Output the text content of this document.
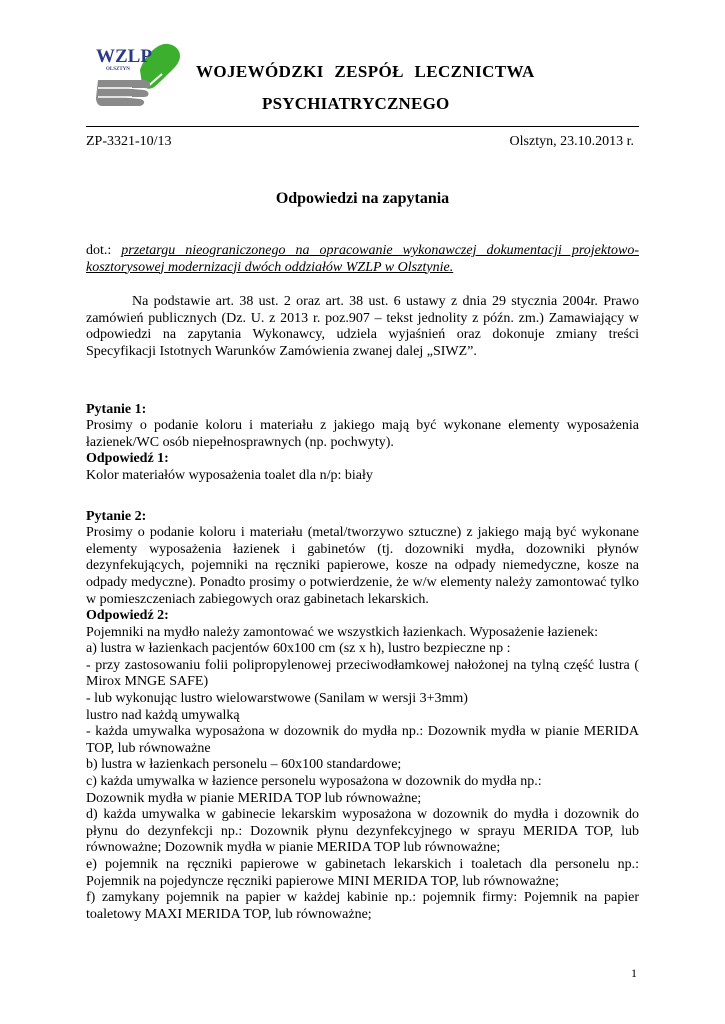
WZLP
OLSZTYN	WOJEWÓDZKI ZESPÓŁ LECZNICTWA
PSYCHIATRYCZNEGO
ZP-3321-10/13	Olsztyn, 23.10.2013 r.
Odpowiedzi na zapytania

dot.: przetargu nieograniczonego na opracowanie wykonawczej dokumentacji projektowo-kosztorysowej modernizacji dwóch oddziałów WZLP w Olsztynie.

Na podstawie art. 38 ust. 2 oraz art. 38 ust. 6 ustawy z dnia 29 stycznia 2004r. Prawo zamówień publicznych (Dz. U. z 2013 r. poz.907 – tekst jednolity z późn. zm.) Zamawiający w odpowiedzi na zapytania Wykonawcy, udziela wyjaśnień oraz dokonuje zmiany treści Specyfikacji Istotnych Warunków Zamówienia zwanej dalej „SIWZ”.

Pytanie 1:

Prosimy o podanie koloru i materiału z jakiego mają być wykonane elementy wyposażenia łazienek/WC osób niepełnosprawnych (np. pochwyty).

Odpowiedź 1:

Kolor materiałów wyposażenia toalet dla n/p: biały

Pytanie 2:

Prosimy o podanie koloru i materiału (metal/tworzywo sztuczne) z jakiego mają być wykonane elementy wyposażenia łazienek i gabinetów (tj. dozowniki mydła, dozowniki płynów dezynfekujących, pojemniki na ręczniki papierowe, kosze na odpady niemedyczne, kosze na odpady medyczne). Ponadto prosimy o potwierdzenie, że w/w elementy należy zamontować tylko w pomieszczeniach zabiegowych oraz gabinetach lekarskich.

Odpowiedź 2:

Pojemniki na mydło należy zamontować we wszystkich łazienkach. Wyposażenie łazienek:

a) lustra w łazienkach pacjentów 60x100 cm (sz x h), lustro bezpieczne np :

- przy zastosowaniu folii polipropylenowej przeciwodłamkowej nałożonej na tylną część lustra ( Mirox MNGE SAFE)

- lub wykonując lustro wielowarstwowe (Sanilam w wersji 3+3mm)

lustro nad każdą umywalką

- każda umywalka wyposażona w dozownik do mydła np.: Dozownik mydła w pianie MERIDA TOP, lub równoważne

b) lustra w łazienkach personelu – 60x100 standardowe;

c) każda umywalka w łazience personelu wyposażona w dozownik do mydła np.:

Dozownik mydła w pianie MERIDA TOP lub równoważne;

d) każda umywalka w gabinecie lekarskim wyposażona w dozownik do mydła i dozownik do płynu do dezynfekcji np.: Dozownik płynu dezynfekcyjnego w sprayu MERIDA TOP, lub równoważne; Dozownik mydła w pianie MERIDA TOP lub równoważne;

e) pojemnik na ręczniki papierowe w gabinetach lekarskich i toaletach dla personelu np.: Pojemnik na pojedyncze ręczniki papierowe MINI MERIDA TOP, lub równoważne;

f) zamykany pojemnik na papier w każdej kabinie np.: pojemnik firmy: Pojemnik na papier toaletowy MAXI MERIDA TOP, lub równoważne;

1
